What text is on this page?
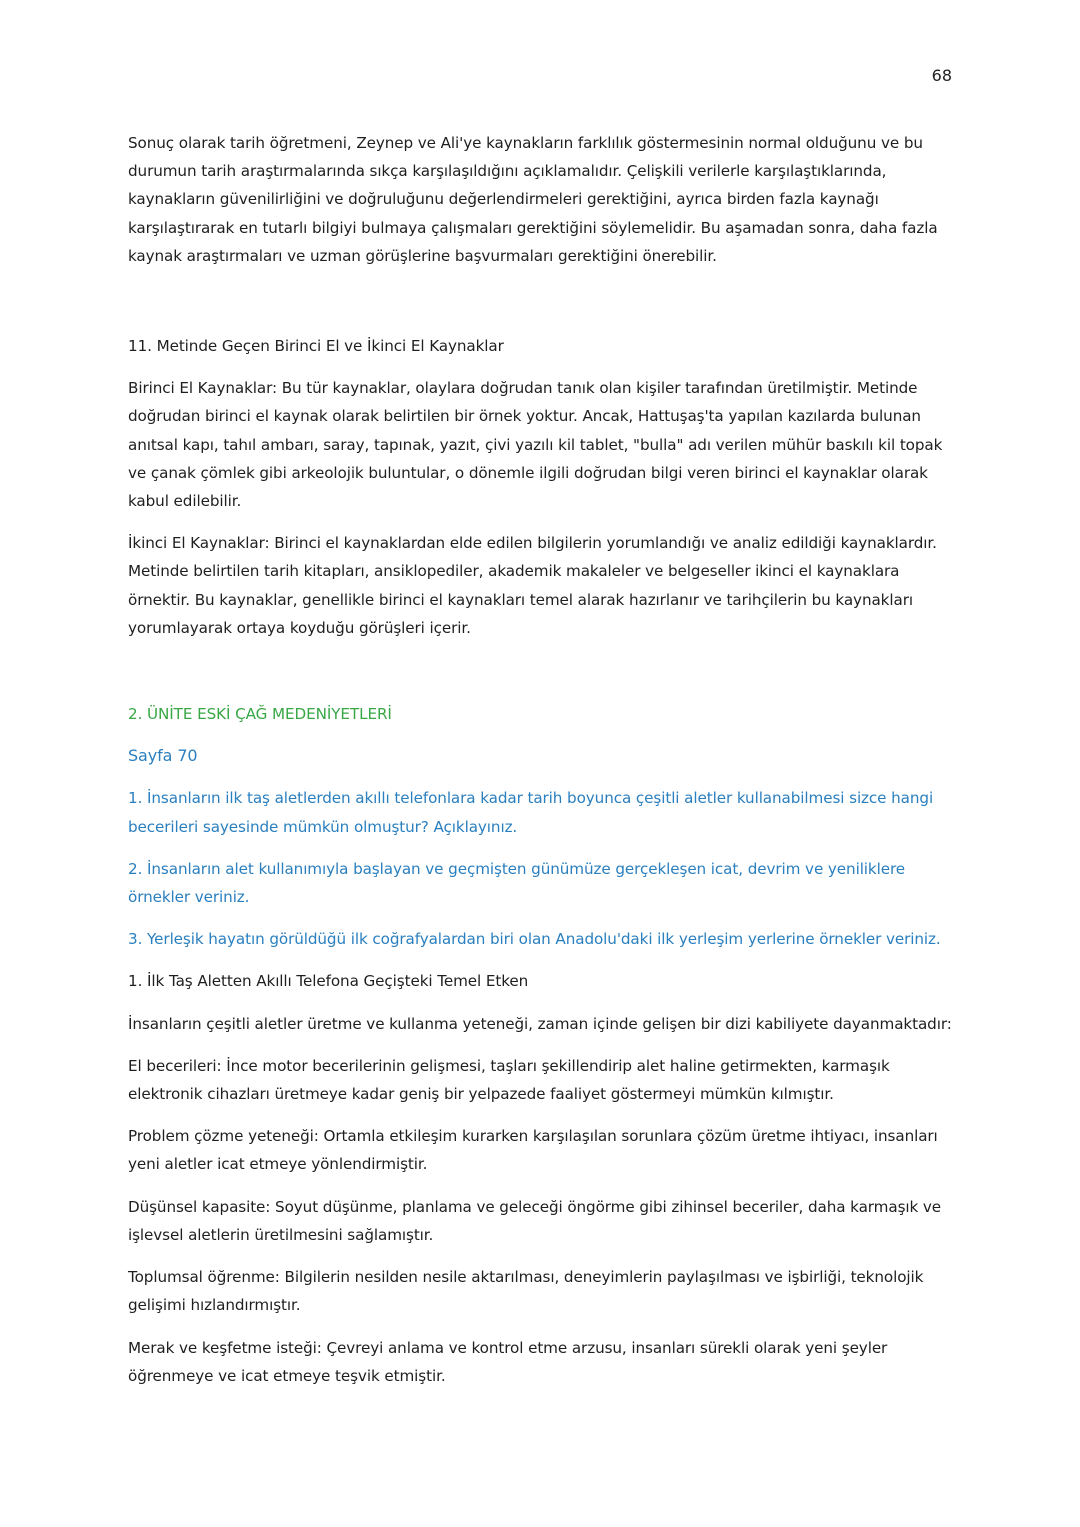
68

Sonuç olarak tarih öğretmeni, Zeynep ve Ali'ye kaynakların farklılık göstermesinin normal olduğunu ve bu durumun tarih araştırmalarında sıkça karşılaşıldığını açıklamalıdır. Çelişkili verilerle karşılaştıklarında, kaynakların güvenilirliğini ve doğruluğunu değerlendirmeleri gerektiğini, ayrıca birden fazla kaynağı karşılaştırarak en tutarlı bilgiyi bulmaya çalışmaları gerektiğini söylemelidir. Bu aşamadan sonra, daha fazla kaynak araştırmaları ve uzman görüşlerine başvurmaları gerektiğini önerebilir.

11. Metinde Geçen Birinci El ve İkinci El Kaynaklar

Birinci El Kaynaklar: Bu tür kaynaklar, olaylara doğrudan tanık olan kişiler tarafından üretilmiştir. Metinde doğrudan birinci el kaynak olarak belirtilen bir örnek yoktur. Ancak, Hattuşaş'ta yapılan kazılarda bulunan anıtsal kapı, tahıl ambarı, saray, tapınak, yazıt, çivi yazılı kil tablet, "bulla" adı verilen mühür baskılı kil topak ve çanak çömlek gibi arkeolojik buluntular, o dönemle ilgili doğrudan bilgi veren birinci el kaynaklar olarak kabul edilebilir.

İkinci El Kaynaklar: Birinci el kaynaklardan elde edilen bilgilerin yorumlandığı ve analiz edildiği kaynaklardır. Metinde belirtilen tarih kitapları, ansiklopediler, akademik makaleler ve belgeseller ikinci el kaynaklara örnektir. Bu kaynaklar, genellikle birinci el kaynakları temel alarak hazırlanır ve tarihçilerin bu kaynakları yorumlayarak ortaya koyduğu görüşleri içerir.

2. ÜNİTE ESKİ ÇAĞ MEDENİYETLERİ

Sayfa 70

1. İnsanların ilk taş aletlerden akıllı telefonlara kadar tarih boyunca çeşitli aletler kullanabilmesi sizce hangi becerileri sayesinde mümkün olmuştur? Açıklayınız.

2. İnsanların alet kullanımıyla başlayan ve geçmişten günümüze gerçekleşen icat, devrim ve yeniliklere örnekler veriniz.

3. Yerleşik hayatın görüldüğü ilk coğrafyalardan biri olan Anadolu'daki ilk yerleşim yerlerine örnekler veriniz.

1. İlk Taş Aletten Akıllı Telefona Geçişteki Temel Etken

İnsanların çeşitli aletler üretme ve kullanma yeteneği, zaman içinde gelişen bir dizi kabiliyete dayanmaktadır:

El becerileri: İnce motor becerilerinin gelişmesi, taşları şekillendirip alet haline getirmekten, karmaşık elektronik cihazları üretmeye kadar geniş bir yelpazede faaliyet göstermeyi mümkün kılmıştır.

Problem çözme yeteneği: Ortamla etkileşim kurarken karşılaşılan sorunlara çözüm üretme ihtiyacı, insanları yeni aletler icat etmeye yönlendirmiştir.

Düşünsel kapasite: Soyut düşünme, planlama ve geleceği öngörme gibi zihinsel beceriler, daha karmaşık ve işlevsel aletlerin üretilmesini sağlamıştır.

Toplumsal öğrenme: Bilgilerin nesilden nesile aktarılması, deneyimlerin paylaşılması ve işbirliği, teknolojik gelişimi hızlandırmıştır.

Merak ve keşfetme isteği: Çevreyi anlama ve kontrol etme arzusu, insanları sürekli olarak yeni şeyler öğrenmeye ve icat etmeye teşvik etmiştir.
